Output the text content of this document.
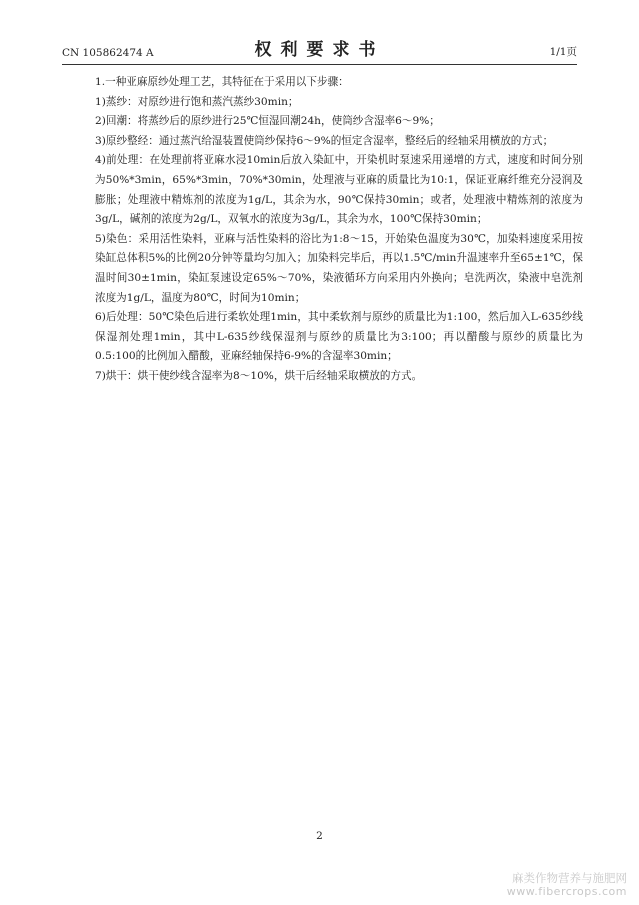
CN 105862474 A	权利要求书	1/1页

1.一种亚麻原纱处理工艺，其特征在于采用以下步骤：

1)蒸纱：对原纱进行饱和蒸汽蒸纱30min；

2)回潮：将蒸纱后的原纱进行25℃恒湿回潮24h，使筒纱含湿率6～9%；

3)原纱整经：通过蒸汽给湿装置使筒纱保持6～9%的恒定含湿率，整经后的经轴采用横放的方式；

4)前处理：在处理前将亚麻水浸10min后放入染缸中，开染机时泵速采用递增的方式，速度和时间分别为50%*3min，65%*3min，70%*30min，处理液与亚麻的质量比为10:1，保证亚麻纤维充分浸润及膨胀；处理液中精炼剂的浓度为1g/L，其余为水，90℃保持30min；或者，处理液中精炼剂的浓度为3g/L，碱剂的浓度为2g/L，双氧水的浓度为3g/L，其余为水，100℃保持30min；

5)染色：采用活性染料，亚麻与活性染料的浴比为1:8～15，开始染色温度为30℃，加染料速度采用按染缸总体积5%的比例20分钟等量均匀加入；加染料完毕后，再以1.5℃/min升温速率升至65±1℃，保温时间30±1min，染缸泵速设定65%～70%，染液循环方向采用内外换向；皂洗两次，染液中皂洗剂浓度为1g/L，温度为80℃，时间为10min；

6)后处理：50℃染色后进行柔软处理1min，其中柔软剂与原纱的质量比为1:100，然后加入L-635纱线保湿剂处理1min，其中L-635纱线保湿剂与原纱的质量比为3:100；再以醋酸与原纱的质量比为0.5:100的比例加入醋酸，亚麻经轴保持6-9%的含湿率30min；

7)烘干：烘干使纱线含湿率为8～10%，烘干后经轴采取横放的方式。

2
麻类作物营养与施肥网
www.fibercrops.com
